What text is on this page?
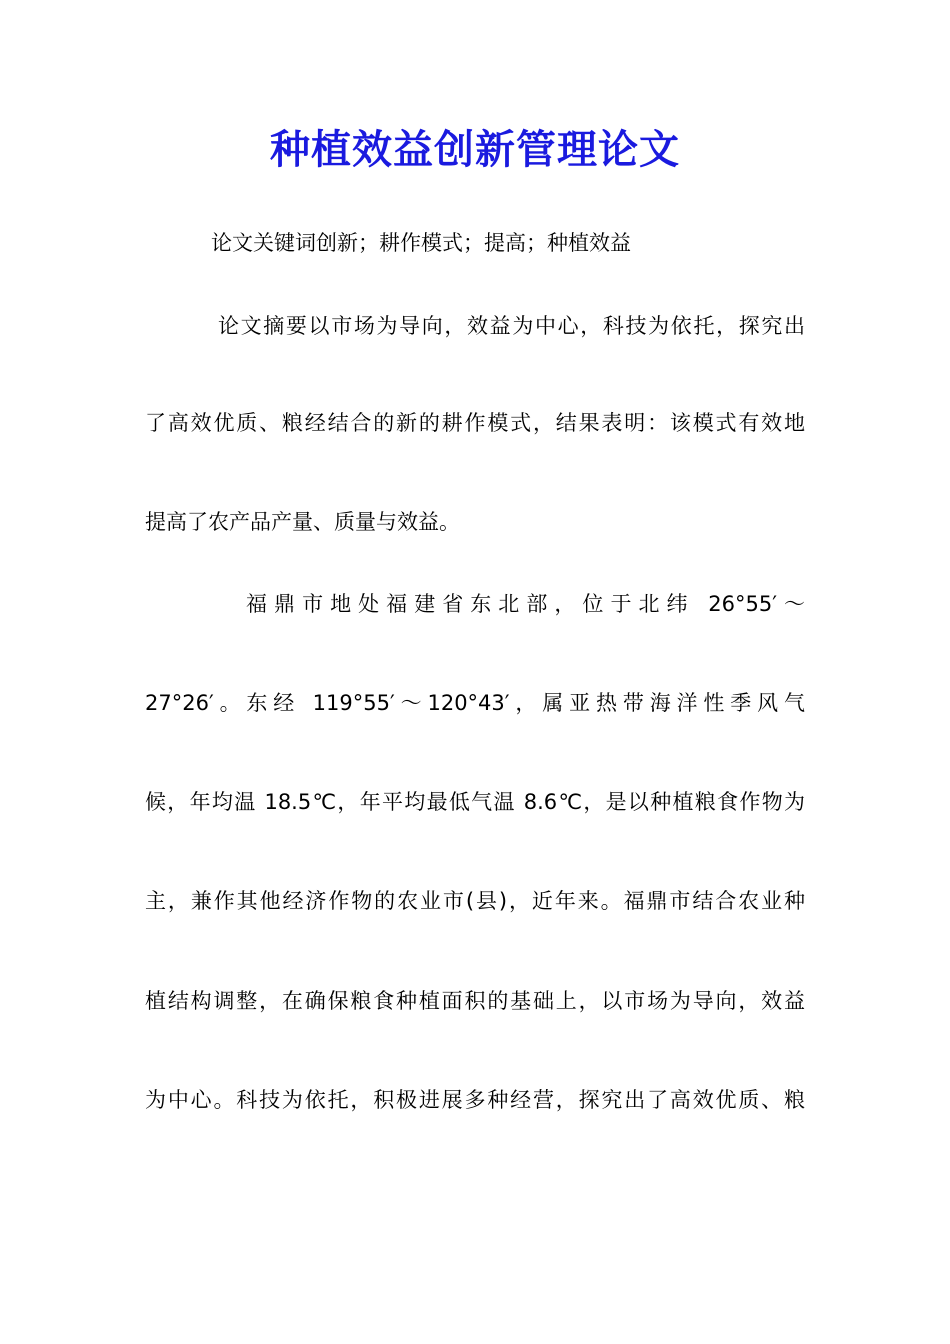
种植效益创新管理论文
论文关键词创新；耕作模式；提高；种植效益
论文摘要以市场为导向，效益为中心，科技为依托，探究出
了高效优质、粮经结合的新的耕作模式，结果表明：该模式有效地
提高了农产品产量、质量与效益。
福鼎市地处福建省东北部，位于北纬 26°55′～
27°26′。东经 119°55′～120°43′，属亚热带海洋性季风气
候，年均温 18.5℃，年平均最低气温 8.6℃，是以种植粮食作物为
主，兼作其他经济作物的农业市(县)，近年来。福鼎市结合农业种
植结构调整，在确保粮食种植面积的基础上，以市场为导向，效益
为中心。科技为依托，积极进展多种经营，探究出了高效优质、粮
